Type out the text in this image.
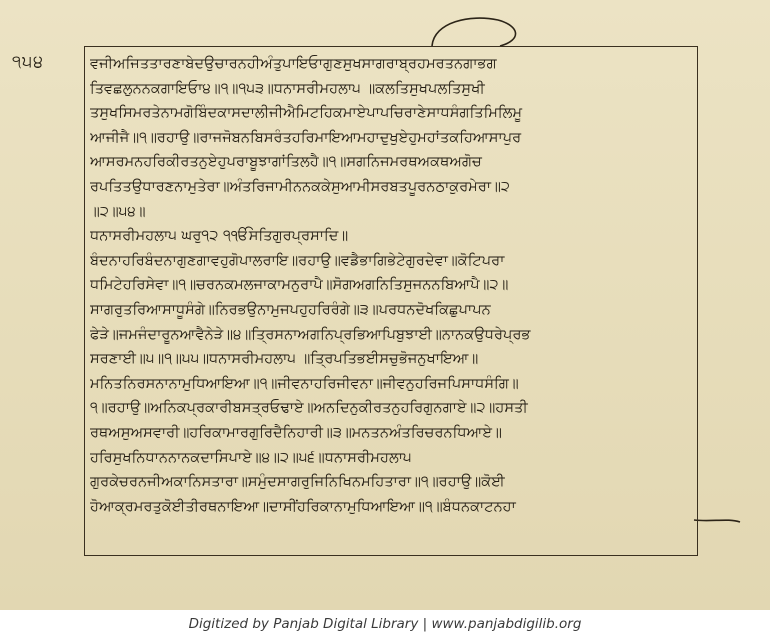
੧੫੪	ਵਜੀਅਜਿਤਤਾਰਣਾਬੇਦਉਚਾਰਨਹੀਅੰਤੁਪਾਇਓਾਗੁਣਸੁਖਸਾਗਰਾਬ੍ਰਹਮਰਤਨਗਾਭਗ
ਤਿਵਛਲੁਨਨਕਗਾਇਓਾ੪॥੧॥੧੫੩॥ਧਨਾਸਰੀਮਹਲਾ੫ ॥ਕਲਤਿਸੁਖਪਲਤਿਸੁਖੀ
ਤਸੁਖਸਿਮਰਤੇਨਾਮਗੋਬਿੰਦਕਾਸਦਾਲੀਜੀਐਮਿਟਹਿਕਮਾਏਪਾਪਚਿਰਾਣੇਸਾਧਸੰਗਤਿਮਿਲਿਮੂ
ਆਜੀਜੈ॥੧॥ਰਹਾਉ॥ਰਾਜਜੋਬਨਬਿਸਰੰਤਹਰਿਮਾਇਆਮਹਾਦੁਖੁਏਹੁਮਹਾਂਤਕਹਿਆਸਾਪੁਰ
ਆਸਰਮਨਹਰਿਕੀਰਤਨੁਏਹੁਪਰਾਬੂਝਾਗਾਂਤਿਲਹੈ॥੧॥ਸਗਨਿਜਮਰਥਅਕਥਅਗੋਚ
ਰਪਤਿਤਉਧਾਰਣਨਾਮੁਤੇਰਾ॥ਅੰਤਰਿਜਾਮੀਨਨਕਕੇਸੁਆਮੀਸਰਬਤਪੂਰਨਠਾਕੁਰਮੇਰਾ॥੨
॥੨॥੫੪॥
ਧਨਾਸਰੀਮਹਲਾ੫ ਘਰੁ੧੨ ੧ੴਸਤਿਗੁਰਪ੍ਰਸਾਦਿ॥
ਬੰਦਨਾਹਰਿਬੰਦਨਾਗੁਣਗਾਵਹੁਗੋਪਾਲਰਾਇ॥ਰਹਾਉ॥ਵਡੈਭਾਗਿਭੇਟੇਗੁਰਦੇਵਾ॥ਕੋਟਿਪਰਾ
ਧਮਿਟੇਹਰਿਸੇਵਾ॥੧॥ਚਰਨਕਮਲਜਾਕਾਮਨੁਰਾਪੈ॥ਸੋਗਅਗਨਿਤਿਸੁਜਨਨਬਿਆਪੈ॥੨॥
ਸਾਗਰੁਤਰਿਆਸਾਧੂਸੰਗੇ॥ਨਿਰਭਉਨਾਮੁਜਪਹੁਹਰਿਰੰਗੇ॥੩॥ਪਰਧਨਦੋਖਕਿਛੁਪਾਪਨ
ਫੇੜੇ॥ਜਮਜੰਦਾਰੂਨਆਵੈਨੇੜੇ॥੪॥ਤ੍ਰਿਸਨਾਅਗਨਿਪ੍ਰਭਿਆਪਿਬੁਝਾਈ॥ਨਾਨਕਉਧਰੇਪ੍ਰਭ
ਸਰਣਾਈ॥੫॥੧॥੫੫॥ਧਨਾਸਰੀਮਹਲਾ੫ ॥ਤ੍ਰਿਪਤਿਭਈਸਚੁਭੋਜਨੁਖਾਇਆ॥
ਮਨਿਤਨਿਰਸਨਾਨਾਮੁਧਿਆਇਆ॥੧॥ਜੀਵਨਾਹਰਿਜੀਵਨਾ॥ਜੀਵਨੁਹਰਿਜਪਿਸਾਧਸੰਗਿ॥
੧॥ਰਹਾਉ॥ਅਨਿਕਪ੍ਰਕਾਰੀਬਸਤ੍ਰਓਢਾਏ॥ਅਨਦਿਨੁਕੀਰਤਨੁਹਰਿਗੁਨਗਾਏ॥੨॥ਹਸਤੀ
ਰਥਅਸੁਅਸਵਾਰੀ॥ਹਰਿਕਾਮਾਰਗੁਰਿਦੈਨਿਹਾਰੀ॥੩॥ਮਨਤਨਅੰਤਰਿਚਰਨਧਿਆਏ॥
ਹਰਿਸੁਖਨਿਧਾਨਨਾਨਕਦਾਸਿਪਾਏ॥੪॥੨॥੫੬॥ਧਨਾਸਰੀਮਹਲਾ੫
ਗੁਰਕੇਚਰਨਜੀਅਕਾਨਿਸਤਾਰਾ॥ਸਮੁੰਦਸਾਗਰੁਜਿਨਿਖਿਨਮਹਿਤਾਰਾ॥੧॥ਰਹਾਉ॥ਕੋਈ
ਹੋਆਕ੍ਰਮਰਤੁਕੋਈਤੀਰਥਨਾਇਆ॥ਦਾਸੀਂਹਰਿਕਾਨਾਮੁਧਿਆਇਆ॥੧॥ਬੰਧਨਕਾਟਨਹਾ
Digitized by Panjab Digital Library | www.panjabdigilib.org
